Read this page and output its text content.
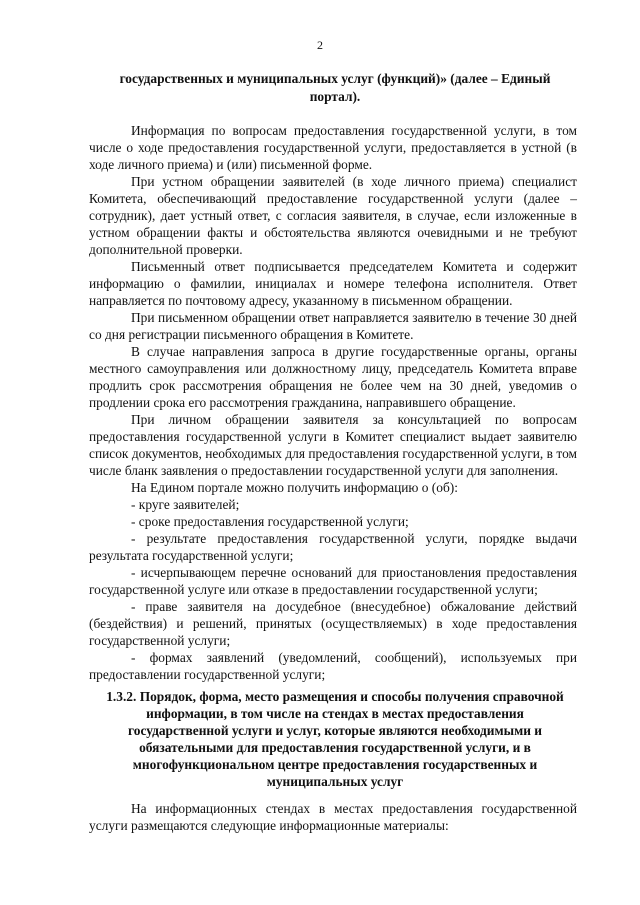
2
государственных и муниципальных услуг (функций)» (далее – Единый портал).

Информация по вопросам предоставления государственной услуги, в том числе о ходе предоставления государственной услуги, предоставляется в устной (в ходе личного приема) и (или) письменной форме.

При устном обращении заявителей (в ходе личного приема) специалист Комитета, обеспечивающий предоставление государственной услуги (далее – сотрудник), дает устный ответ, с согласия заявителя, в случае, если изложенные в устном обращении факты и обстоятельства являются очевидными и не требуют дополнительной проверки.

Письменный ответ подписывается председателем Комитета и содержит информацию о фамилии, инициалах и номере телефона исполнителя. Ответ направляется по почтовому адресу, указанному в письменном обращении.

При письменном обращении ответ направляется заявителю в течение 30 дней со дня регистрации письменного обращения в Комитете.

В случае направления запроса в другие государственные органы, органы местного самоуправления или должностному лицу, председатель Комитета вправе продлить срок рассмотрения обращения не более чем на 30 дней, уведомив о продлении срока его рассмотрения гражданина, направившего обращение.

При личном обращении заявителя за консультацией по вопросам предоставления государственной услуги в Комитет специалист выдает заявителю список документов, необходимых для предоставления государственной услуги, в том числе бланк заявления о предоставлении государственной услуги для заполнения.

На Едином портале можно получить информацию о (об):

- круге заявителей;

- сроке предоставления государственной услуги;

- результате предоставления государственной услуги, порядке выдачи результата государственной услуги;

- исчерпывающем перечне оснований для приостановления предоставления государственной услуге или отказе в предоставлении государственной услуги;

- праве заявителя на досудебное (внесудебное) обжалование действий (бездействия) и решений, принятых (осуществляемых) в ходе предоставления государственной услуги;

- формах заявлений (уведомлений, сообщений), используемых при предоставлении государственной услуги;

1.3.2. Порядок, форма, место размещения и способы получения справочной информации, в том числе на стендах в местах предоставления государственной услуги и услуг, которые являются необходимыми и обязательными для предоставления государственной услуги, и в многофункциональном центре предоставления государственных и муниципальных услуг

На информационных стендах в местах предоставления государственной услуги размещаются следующие информационные материалы:
